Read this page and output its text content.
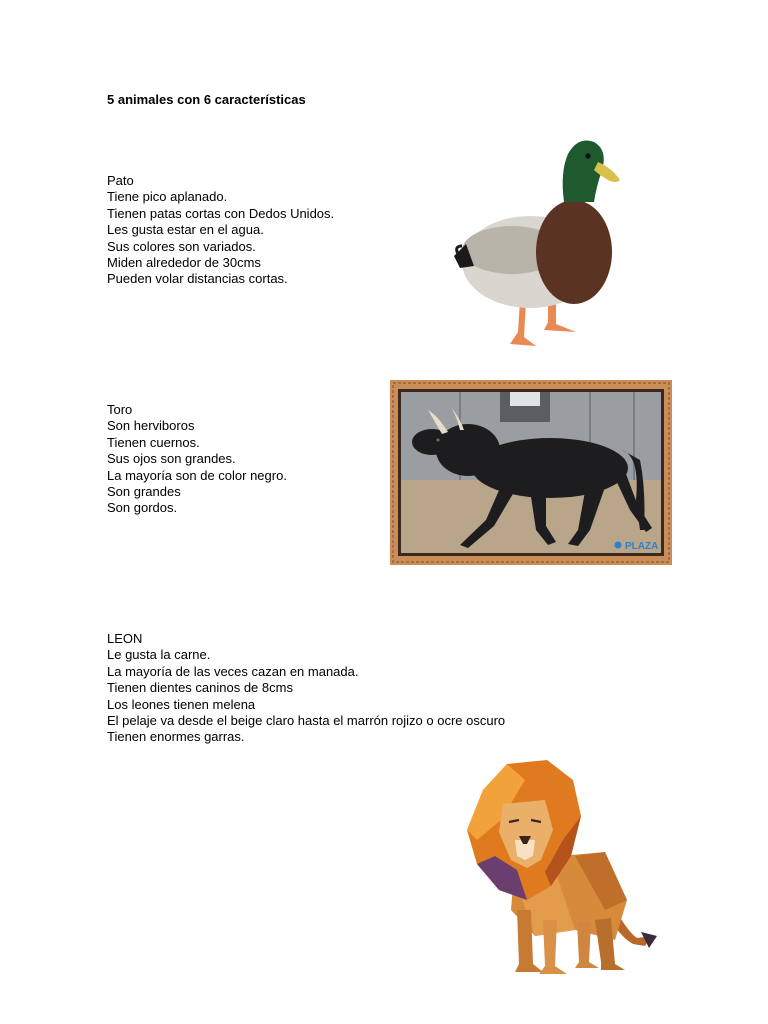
5 animales con 6 características
Pato
Tiene pico aplanado.
Tienen patas cortas con Dedos Unidos.
Les gusta estar en el agua.
Sus colores son variados.
Miden alrededor de 30cms
Pueden volar distancias cortas.
Toro
Son herviboros
Tienen cuernos.
Sus ojos son grandes.
La mayoría son de color negro.
Son grandes
Son gordos.
PLAZA
LEON
Le gusta la carne.
La mayoría de las veces cazan en manada.
Tienen dientes caninos de 8cms
Los leones tienen melena
El pelaje va desde el beige claro hasta el marrón rojizo o ocre oscuro
Tienen enormes garras.
